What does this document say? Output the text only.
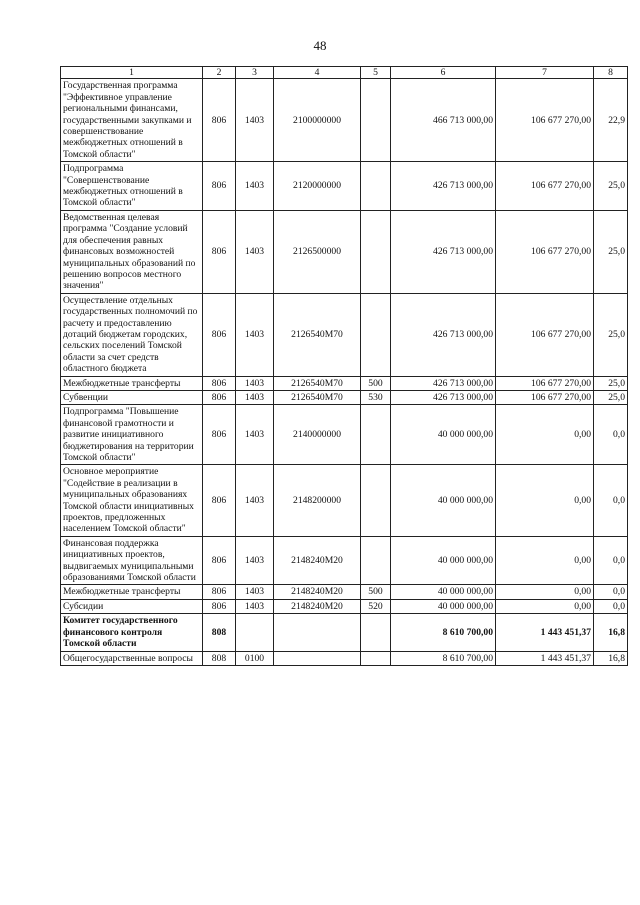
48
1	2	3	4	5	6	7	8
Государственная программа "Эффективное управление региональными финансами, государственными закупками и совершенствование межбюджетных отношений в Томской области"	806	1403	2100000000		466 713 000,00	106 677 270,00	22,9
Подпрограмма "Совершенствование межбюджетных отношений в Томской области"	806	1403	2120000000		426 713 000,00	106 677 270,00	25,0
Ведомственная целевая программа "Создание условий для обеспечения равных финансовых возможностей муниципальных образований по решению вопросов местного значения"	806	1403	2126500000		426 713 000,00	106 677 270,00	25,0
Осуществление отдельных государственных полномочий по расчету и предоставлению дотаций бюджетам городских, сельских поселений Томской области за счет средств областного бюджета	806	1403	2126540М70		426 713 000,00	106 677 270,00	25,0
Межбюджетные трансферты	806	1403	2126540М70	500	426 713 000,00	106 677 270,00	25,0
Субвенции	806	1403	2126540М70	530	426 713 000,00	106 677 270,00	25,0
Подпрограмма "Повышение финансовой грамотности и развитие инициативного бюджетирования на территории Томской области"	806	1403	2140000000		40 000 000,00	0,00	0,0
Основное мероприятие "Содействие в реализации в муниципальных образованиях Томской области инициативных проектов, предложенных населением Томской области"	806	1403	2148200000		40 000 000,00	0,00	0,0
Финансовая поддержка инициативных проектов, выдвигаемых муниципальными образованиями Томской области	806	1403	2148240М20		40 000 000,00	0,00	0,0
Межбюджетные трансферты	806	1403	2148240М20	500	40 000 000,00	0,00	0,0
Субсидии	806	1403	2148240М20	520	40 000 000,00	0,00	0,0
Комитет государственного финансового контроля Томской области	808				8 610 700,00	1 443 451,37	16,8
Общегосударственные вопросы	808	0100			8 610 700,00	1 443 451,37	16,8
